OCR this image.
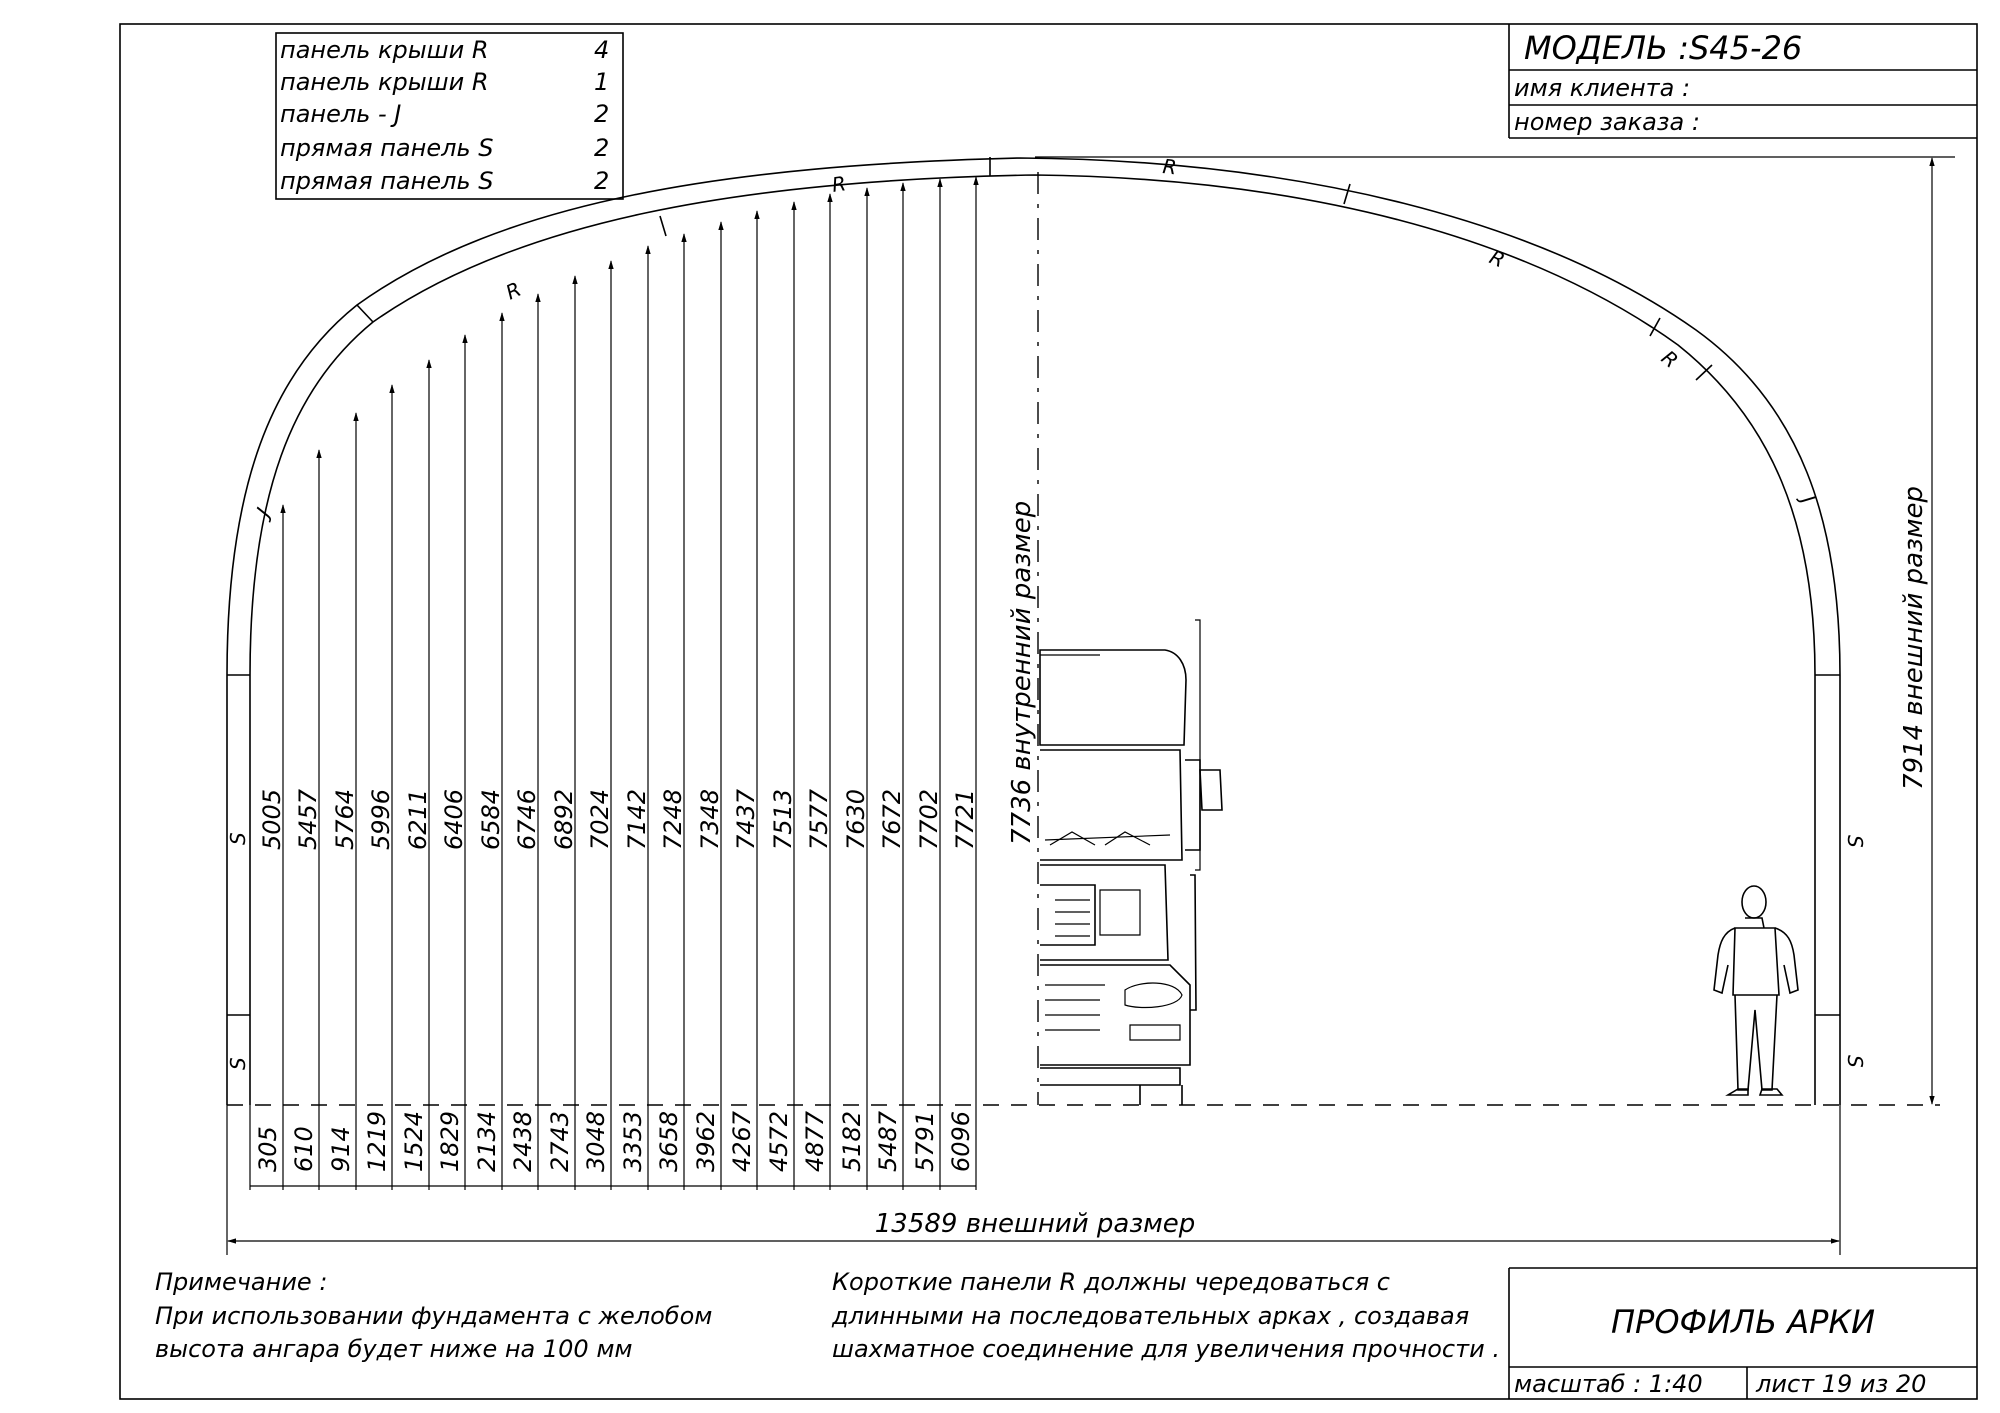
панель крыши R	4
панель крыши R	1
панель - J	2
прямая панель S	2
прямая панель S	2
МОДЕЛЬ :S45-26
имя клиента :
номер заказа :
ПРОФИЛЬ АРКИ
масштаб : 1:40 лист 19 из 20
S
S
S
S
J
J
R
R
R
R
R
5005 5457 5764 5996 6211 6406 6584 6746 6892 7024 7142 7248 7348 7437 7513 7577 7630 7672 7702 7721
305 610 914 1219 1524 1829 2134 2438 2743 3048 3353 3658 3962 4267 4572 4877 5182 5487 5791 6096
13589 внешний размер
7736 внутренний размер	7914 внешний размер
Примечание :
При использовании фундамента с желобом
высота ангара будет ниже на 100 мм
Короткие панели R должны чередоваться с
длинными на последовательных арках , создавая
шахматное соединение для увеличения прочности .
